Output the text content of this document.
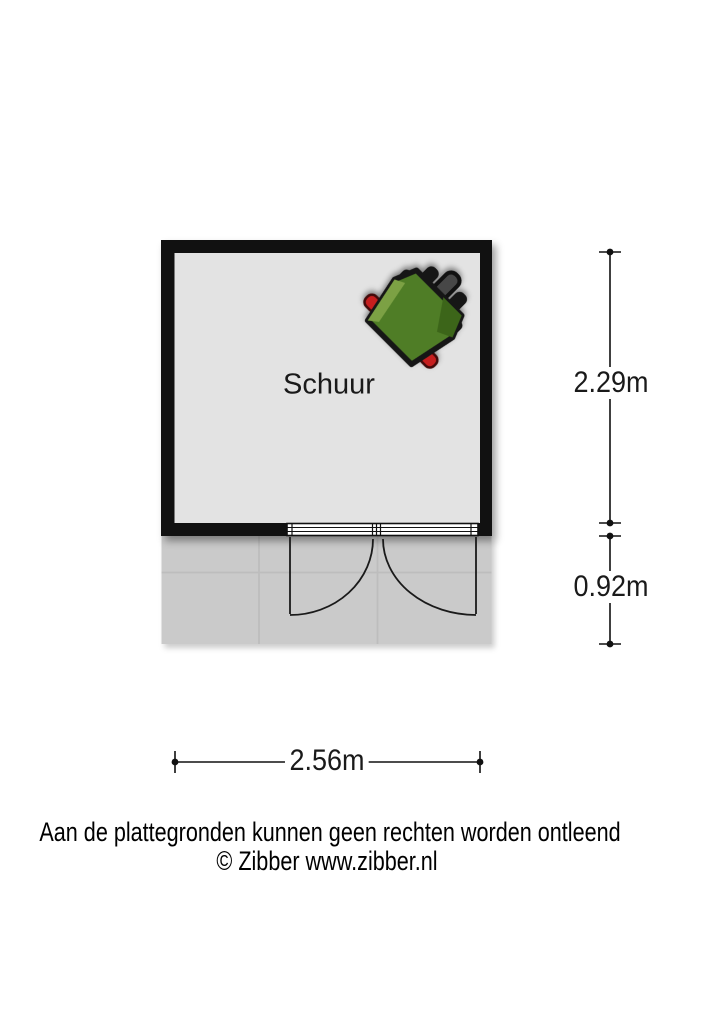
Schuur	2.29m
0.92m
2.56m
Aan de plattegronden kunnen geen rechten worden ontleend
© Zibber www.zibber.nl
